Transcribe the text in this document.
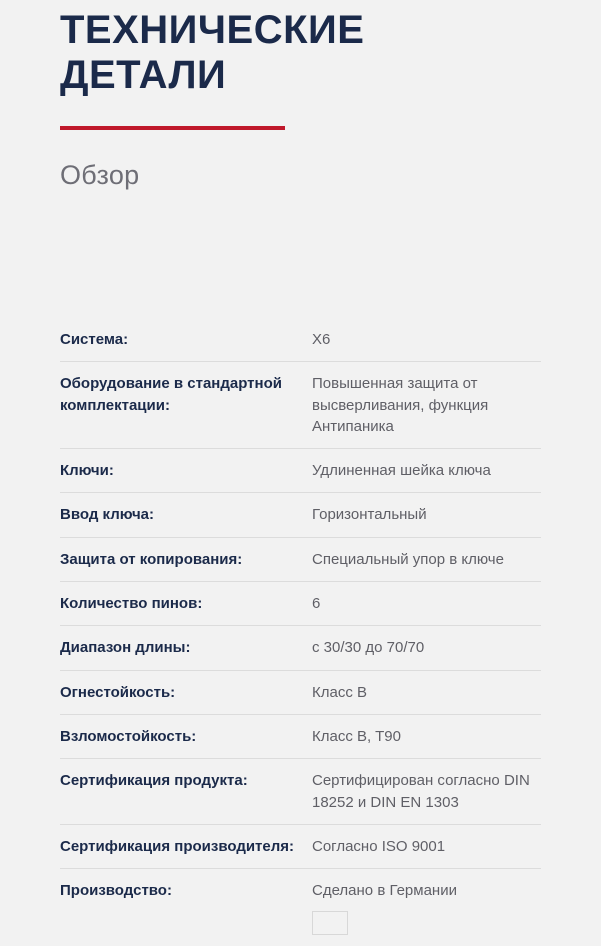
ТЕХНИЧЕСКИЕ ДЕТАЛИ
Обзор
Система:	X6
Оборудование в стандартной комплектации:	Повышенная защита от высверливания, функция Антипаника
Ключи:	Удлиненная шейка ключа
Ввод ключа:	Горизонтальный
Защита от копирования:	Специальный упор в ключе
Количество пинов:	6
Диапазон длины:	с 30/30 до 70/70
Огнестойкость:	Класс B
Взломостойкость:	Класс B, T90
Сертификация продукта:	Сертифицирован согласно DIN 18252 и DIN EN 1303
Сертификация производителя:	Согласно ISO 9001
Производство:	Сделано в Германии
